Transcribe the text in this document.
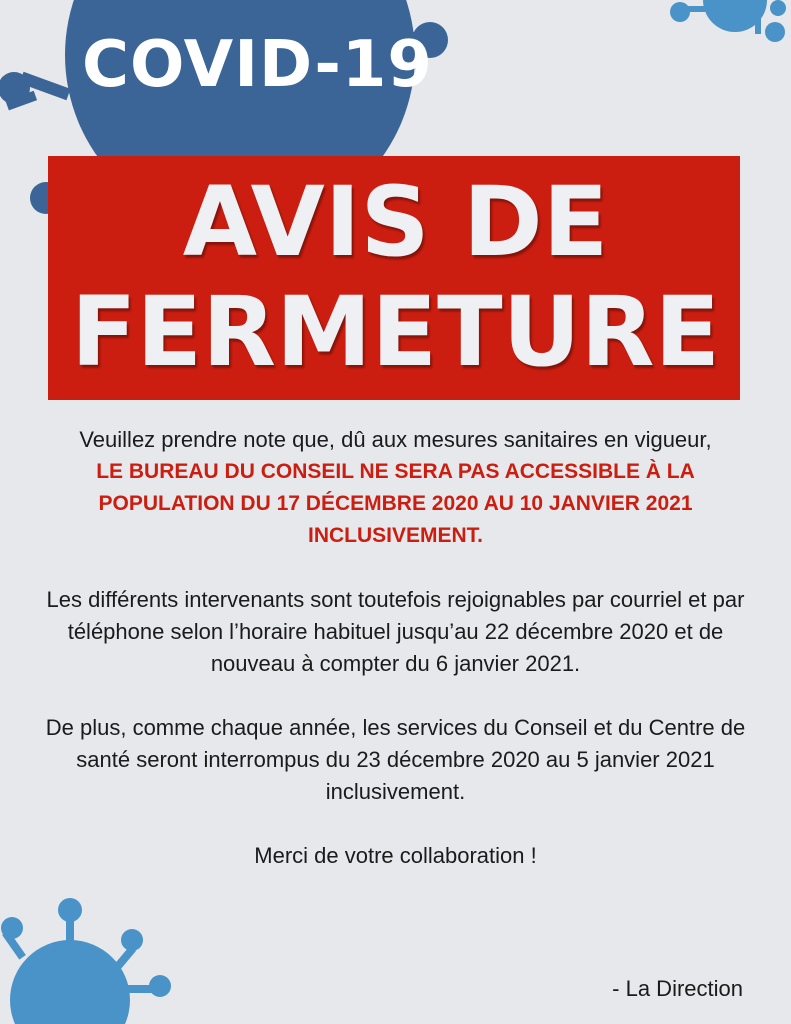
COVID-19
AVIS DE
FERMETURE

Veuillez prendre note que, dû aux mesures sanitaires en vigueur,

LE BUREAU DU CONSEIL NE SERA PAS ACCESSIBLE À LA POPULATION DU 17 DÉCEMBRE 2020 AU 10 JANVIER 2021 INCLUSIVEMENT.

Les différents intervenants sont toutefois rejoignables par courriel et par téléphone selon l’horaire habituel jusqu’au 22 décembre 2020 et de nouveau à compter du 6 janvier 2021.

De plus, comme chaque année, les services du Conseil et du Centre de santé seront interrompus du 23 décembre 2020 au 5 janvier 2021 inclusivement.

Merci de votre collaboration !

- La Direction
